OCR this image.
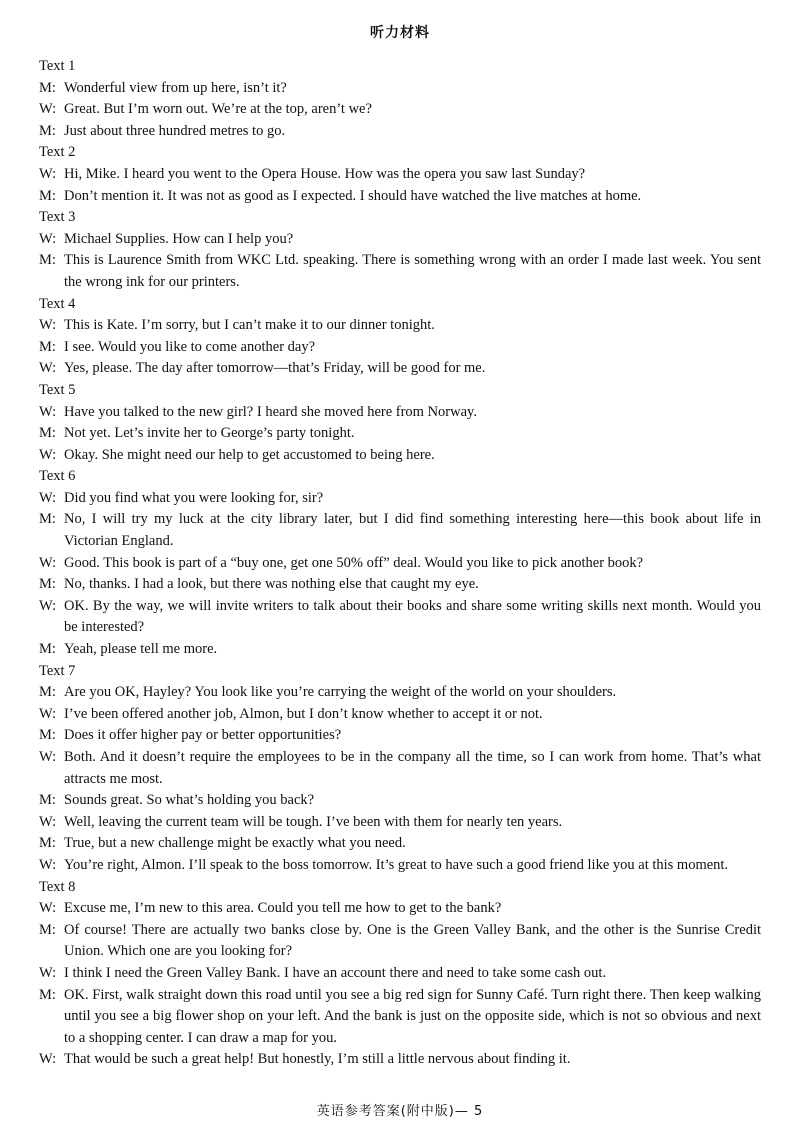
听力材料
Text 1
M: Wonderful view from up here, isn’t it?
W: Great. But I’m worn out. We’re at the top, aren’t we?
M: Just about three hundred metres to go.
Text 2
W: Hi, Mike. I heard you went to the Opera House. How was the opera you saw last Sunday?
M: Don’t mention it. It was not as good as I expected. I should have watched the live matches at home.
Text 3
W: Michael Supplies. How can I help you?
M: This is Laurence Smith from WKC Ltd. speaking. There is something wrong with an order I made last week. You sent the wrong ink for our printers.
Text 4
W: This is Kate. I’m sorry, but I can’t make it to our dinner tonight.
M: I see. Would you like to come another day?
W: Yes, please. The day after tomorrow—that’s Friday, will be good for me.
Text 5
W: Have you talked to the new girl? I heard she moved here from Norway.
M: Not yet. Let’s invite her to George’s party tonight.
W: Okay. She might need our help to get accustomed to being here.
Text 6
W: Did you find what you were looking for, sir?
M: No, I will try my luck at the city library later, but I did find something interesting here—this book about life in Victorian England.
W: Good. This book is part of a “buy one, get one 50% off” deal. Would you like to pick another book?
M: No, thanks. I had a look, but there was nothing else that caught my eye.
W: OK. By the way, we will invite writers to talk about their books and share some writing skills next month. Would you be interested?
M: Yeah, please tell me more.
Text 7
M: Are you OK, Hayley? You look like you’re carrying the weight of the world on your shoulders.
W: I’ve been offered another job, Almon, but I don’t know whether to accept it or not.
M: Does it offer higher pay or better opportunities?
W: Both. And it doesn’t require the employees to be in the company all the time, so I can work from home. That’s what attracts me most.
M: Sounds great. So what’s holding you back?
W: Well, leaving the current team will be tough. I’ve been with them for nearly ten years.
M: True, but a new challenge might be exactly what you need.
W: You’re right, Almon. I’ll speak to the boss tomorrow. It’s great to have such a good friend like you at this moment.
Text 8
W: Excuse me, I’m new to this area. Could you tell me how to get to the bank?
M: Of course! There are actually two banks close by. One is the Green Valley Bank, and the other is the Sunrise Credit Union. Which one are you looking for?
W: I think I need the Green Valley Bank. I have an account there and need to take some cash out.
M: OK. First, walk straight down this road until you see a big red sign for Sunny Café. Turn right there. Then keep walking until you see a big flower shop on your left. And the bank is just on the opposite side, which is not so obvious and next to a shopping center. I can draw a map for you.
W: That would be such a great help! But honestly, I’m still a little nervous about finding it.
英语参考答案(附中版)— 5
